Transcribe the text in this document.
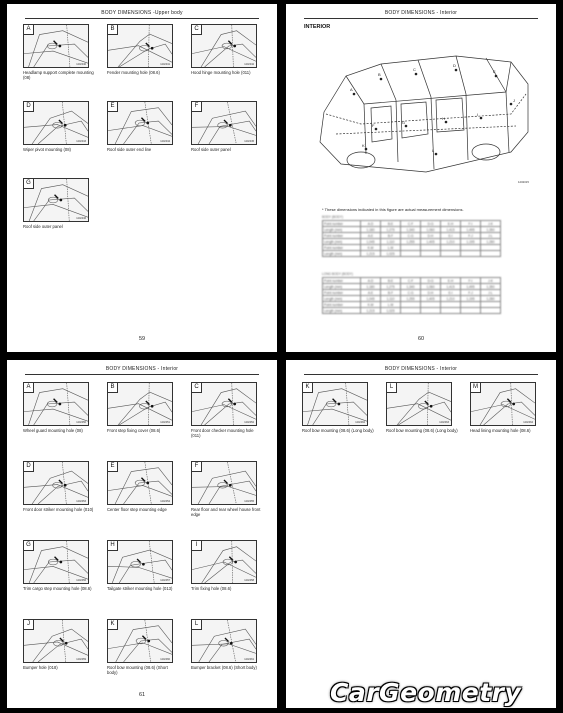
BODY DIMENSIONS -Upper body
A
1202040
Headlamp support complete mounting (08)
B
1202041
Fender mounting hole (08.6)
C
1202042
Hood hinge mounting hole (011)
D
1202043
Wiper pivot mounting (08)
E
1202044
Roof side outer end line
F
1202045
Roof side outer panel
G
1202046
Roof side outer panel
59
BODY DIMENSIONS - Interior
INTERIOR
A
B
C
D
E
F
G
H
I
J
K
L
1202015
* These dimensions indicated in this figure are actual measurement dimensions.
BODY (BODY)
Point number	A-D	B-E	C-F	D-G	E-H	F-I	J-K
Length (mm)	1,180	1,275	1,340	1,060	1,415	1,495	1,350
Point number	A-E	B-F	C-G	D-H	E-I	F-J	J-L
Length (mm)	1,045	1,110	1,255	1,405	1,210	1,195	1,280
Point number	K-M	L-M					
Length (mm)	1,215	1,025					
LONG BODY (BODY)
Point number	A-D	B-E	C-F	D-G	E-H	F-I	J-K
Length (mm)	1,180	1,275	1,340	1,060	1,415	1,495	1,350
Point number	A-E	B-F	C-G	D-H	E-I	F-J	J-L
Length (mm)	1,045	1,110	1,255	1,405	1,210	1,195	1,280
Point number	K-M	L-M					
Length (mm)	1,215	1,025					
60
BODY DIMENSIONS - Interior
A
1202050
Wheel guard mounting hole (08)
B
1202051
Front step fixing cover (08.6)
C
1202052
Front door checker mounting hole (011)
D
1202053
Front door striker mounting hole (010)
E
1202054
Center floor step mounting edge
F
1202055
Rear floor and rear wheel house front edge
G
1202056
Trim cargo step mounting hole (08.6)
H
1202057
Tailgate striker mounting hole (013)
I
1202058
Trim fixing hole (08.6)
J
1202059
Bumper hole (018)
K
1202060
Roof bow mounting (08.6) (Short body)
L
1202061
Bumper bracket (08.6) (Short body)
61
BODY DIMENSIONS - Interior
K
1202062
Roof bow mounting (08.6) (Long body)
L
1202063
Roof bow mounting (08.6) (Long body)
M
1202064
Head lining mounting hole (08.6)
CarGeometry
